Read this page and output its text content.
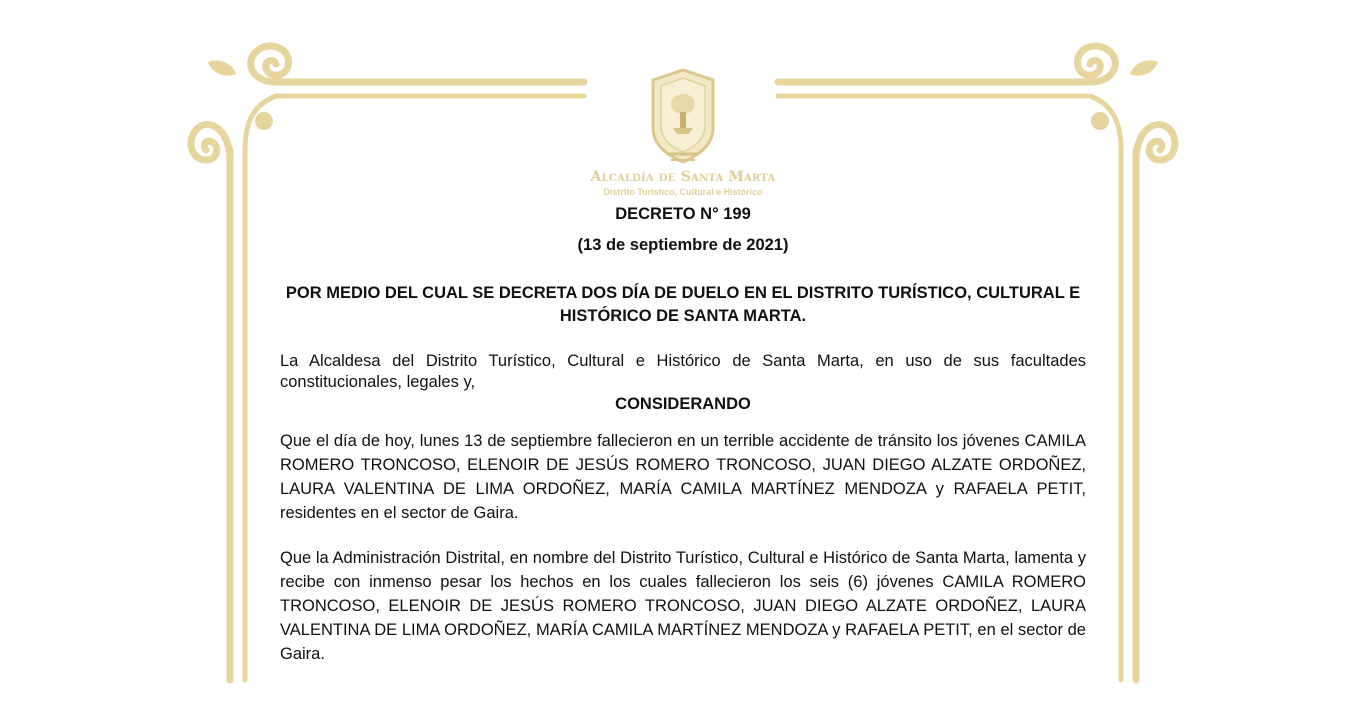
Alcaldía de Santa Marta
Distrito Turístico, Cultural e Histórico
DECRETO N° 199
(13 de septiembre de 2021)
POR MEDIO DEL CUAL SE DECRETA DOS DÍA DE DUELO EN EL DISTRITO TURÍSTICO, CULTURAL E HISTÓRICO DE SANTA MARTA.
La Alcaldesa del Distrito Turístico, Cultural e Histórico de Santa Marta, en uso de sus facultades constitucionales, legales y,
CONSIDERANDO
Que el día de hoy, lunes 13 de septiembre fallecieron en un terrible accidente de tránsito los jóvenes CAMILA ROMERO TRONCOSO, ELENOIR DE JESÚS ROMERO TRONCOSO, JUAN DIEGO ALZATE ORDOÑEZ, LAURA VALENTINA DE LIMA ORDOÑEZ, MARÍA CAMILA MARTÍNEZ MENDOZA y RAFAELA PETIT, residentes en el sector de Gaira.
Que la Administración Distrital, en nombre del Distrito Turístico, Cultural e Histórico de Santa Marta, lamenta y recibe con inmenso pesar los hechos en los cuales fallecieron los seis (6) jóvenes CAMILA ROMERO TRONCOSO, ELENOIR DE JESÚS ROMERO TRONCOSO, JUAN DIEGO ALZATE ORDOÑEZ, LAURA VALENTINA DE LIMA ORDOÑEZ, MARÍA CAMILA MARTÍNEZ MENDOZA y RAFAELA PETIT, en el sector de Gaira.
